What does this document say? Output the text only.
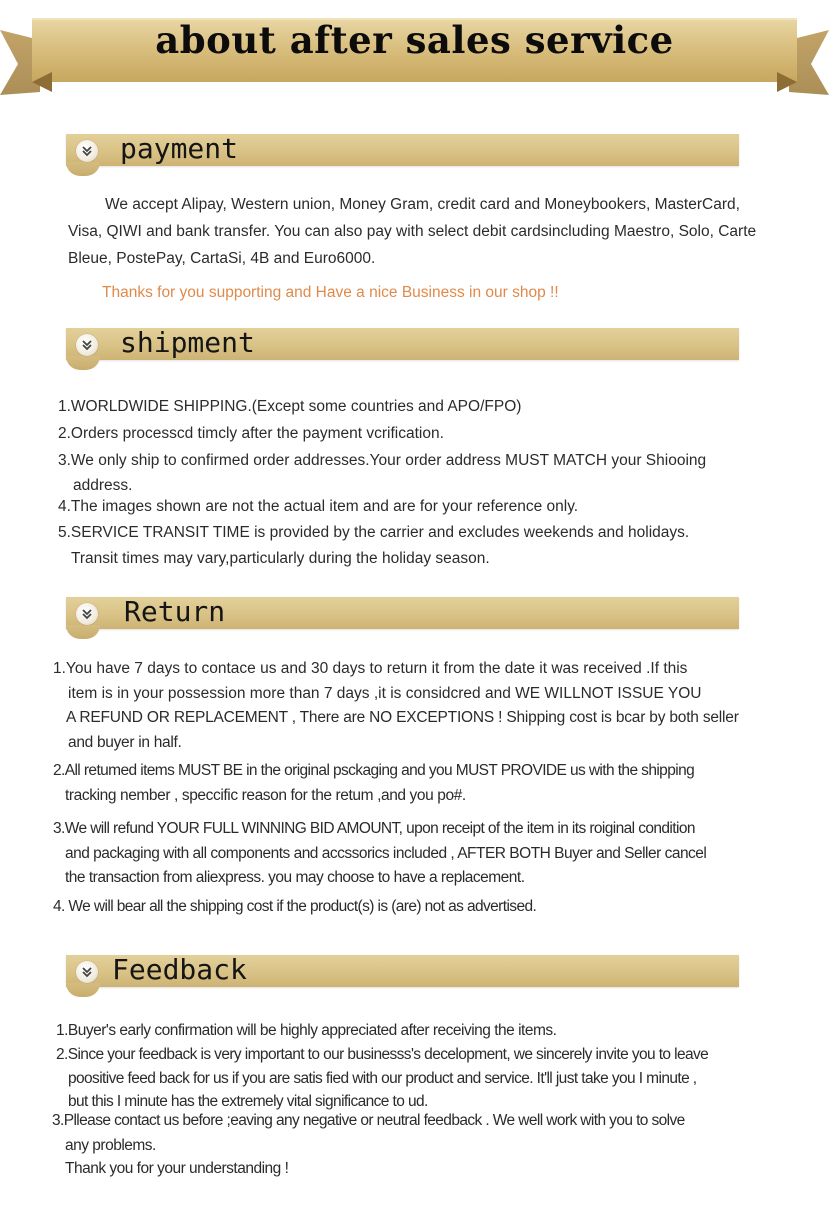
about after sales service
payment
We accept Alipay, Western union, Money Gram, credit card and Moneybookers, MasterCard,
Visa, QIWI and bank transfer. You can also pay with select debit cardsincluding Maestro, Solo, Carte
Bleue, PostePay, CartaSi, 4B and Euro6000.
Thanks for you supporting and Have a nice Business in our shop !!
shipment
1.WORLDWIDE SHIPPING.(Except some countries and APO/FPO)
2.Orders processcd timcly after the payment vcrification.
3.We only ship to confirmed order addresses.Your order address MUST MATCH your Shiooing
address.
4.The images shown are not the actual item and are for your reference only.
5.SERVICE TRANSIT TIME is provided by the carrier and excludes weekends and holidays.
Transit times may vary,particularly during the holiday season.
Return
1.You have 7 days to contace us and 30 days to return it from the date it was received .If this
item is in your possession more than 7 days ,it is considcred and WE WILLNOT ISSUE YOU
A REFUND OR REPLACEMENT , There are NO EXCEPTIONS ! Shipping cost is bcar by both seller
and buyer in half.
2.All retumed items MUST BE in the original psckaging and you MUST PROVIDE us with the shipping
tracking nember , speccific reason for the retum ,and you po#.
3.We will refund YOUR FULL WINNING BID AMOUNT, upon receipt of the item in its roiginal condition
and packaging with all components and accssorics included , AFTER BOTH Buyer and Seller cancel
the transaction from aliexpress. you may choose to have a replacement.
4. We will bear all the shipping cost if the product(s) is (are) not as advertised.
Feedback
1.Buyer's early confirmation will be highly appreciated after receiving the items.
2.Since your feedback is very important to our businesss's decelopment, we sincerely invite you to leave
poositive feed back for us if you are satis fied with our product and service. It'll just take you I minute ,
but this I minute has the extremely vital significance to ud.
3.Pllease contact us before ;eaving any negative or neutral feedback . We well work with you to solve
any problems.
Thank you for your understanding !
